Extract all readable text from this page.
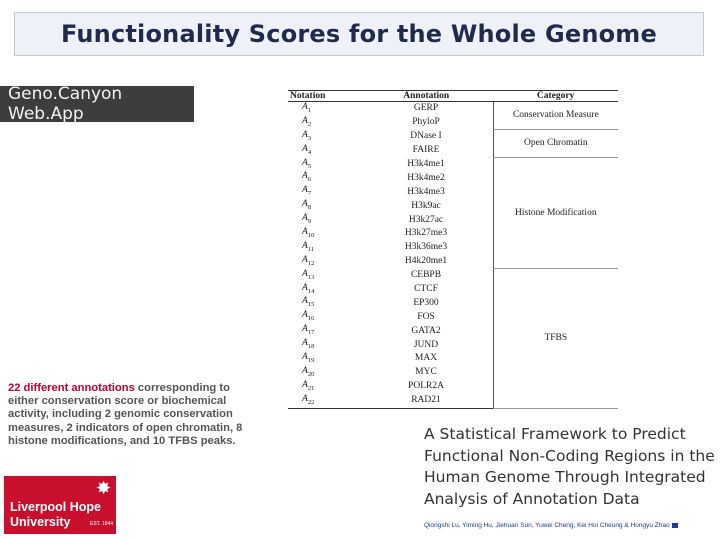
Functionality Scores for the Whole Genome
Geno.Canyon Web.App
Notation	Annotation	Category
$A_1$	GERP	Conservation Measure
$A_2$	PhyloP	
$A_3$	DNase I	Open Chromatin
$A_4$	FAIRE	
$A_5$	H3k4me1	Histone Modification
$A_6$	H3k4me2	
$A_7$	H3k4me3	
$A_8$	H3k9ac	
$A_9$	H3k27ac	
$A_{10}$	H3k27me3	
$A_{11}$	H3k36me3	
$A_{12}$	H4k20me1	
$A_{13}$	CEBPB	TFBS
$A_{14}$	CTCF	
$A_{15}$	EP300	
$A_{16}$	FOS	
$A_{17}$	GATA2	
$A_{18}$	JUND	
$A_{19}$	MAX	
$A_{20}$	MYC	
$A_{21}$	POLR2A	
$A_{22}$	RAD21	
22 different annotations corresponding to either conservation score or biochemical activity, including 2 genomic conservation measures, 2 indicators of open chromatin, 8 histone modifications, and 10 TFBS peaks.
✸
Liverpool Hope
University	EST. 1844
A Statistical Framework to Predict Functional Non-Coding Regions in the Human Genome Through Integrated Analysis of Annotation Data
Qiongshi Lu, Yiming Hu, Jiehuan Sun, Yuwei Cheng, Kei Hoi Cheung & Hongyu Zhao
